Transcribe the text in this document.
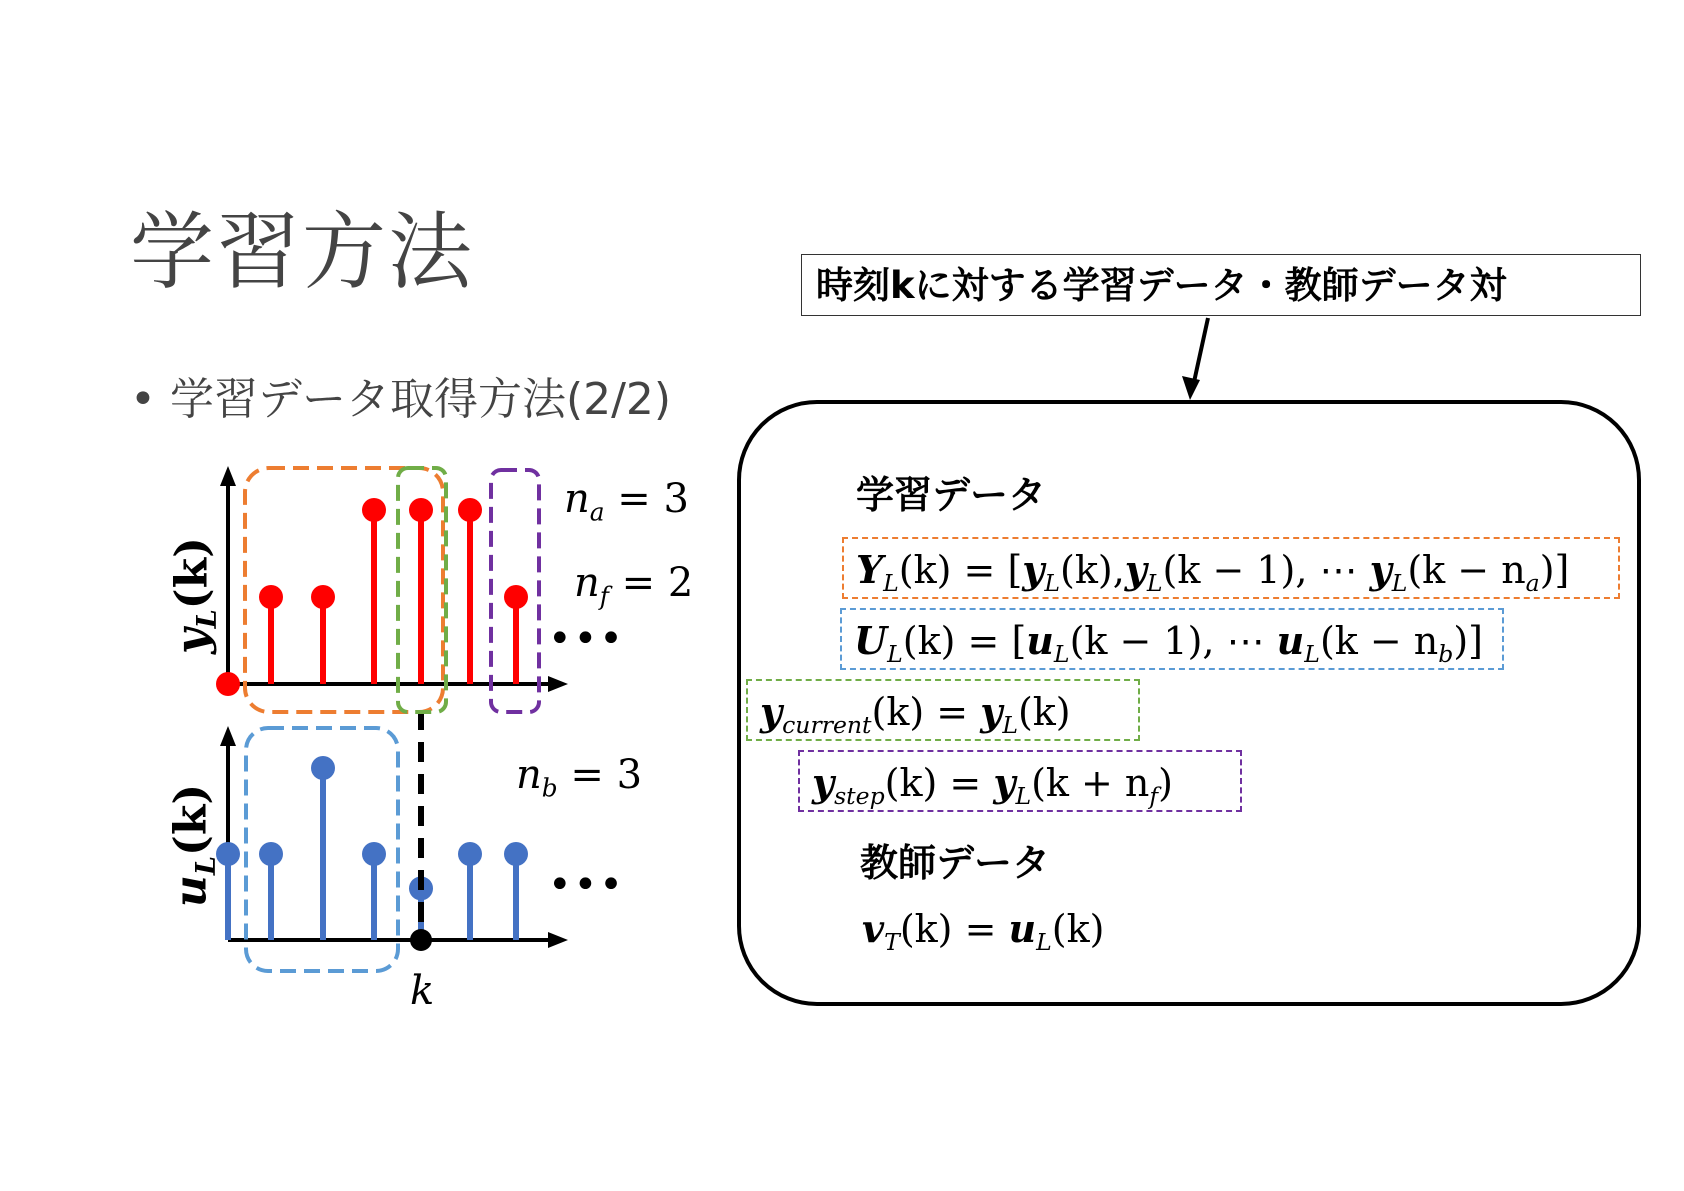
学習方法
• 学習データ取得方法(2/2)
$y_L(k)$
$u_L(k)$
k
•••
•••
$n_a = 3$
$n_f = 2$
$n_b = 3$
時刻kに対する学習データ・教師データ対
学習データ
$Y_L(k) = [y_L(k),y_L(k - 1)$, ⋯ $y_L(k - n_a)$]
$U_L(k) = [u_L(k - 1)$, ⋯ $u_L(k - n_b)$]
$y_{current}(k) = y_L(k)$
$y_{step}(k) = y_L(k + n_f)$
教師データ
$v_T(k) = u_L(k)$
